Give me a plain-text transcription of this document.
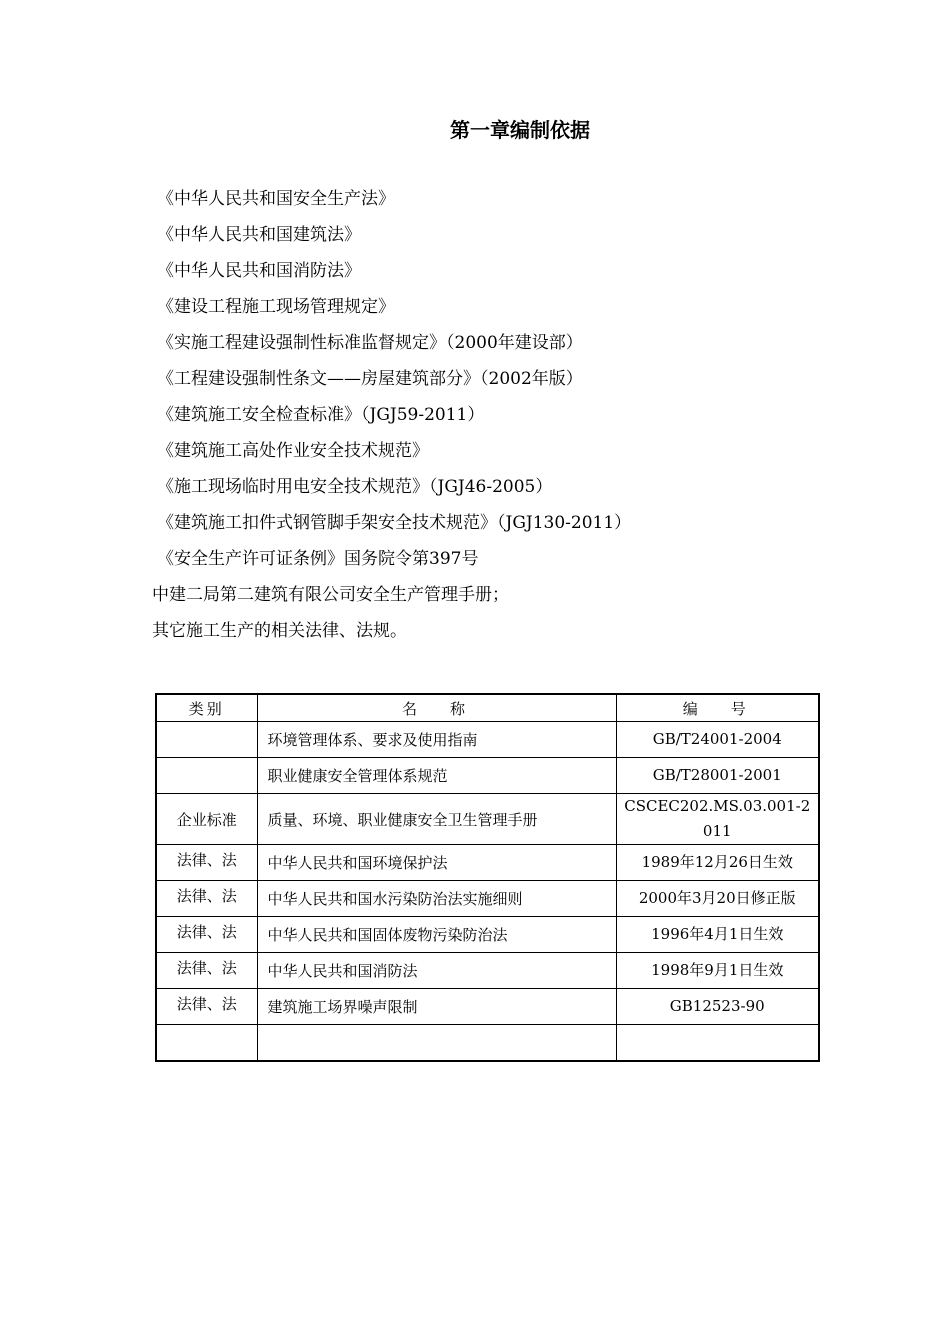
第一章编制依据
《中华人民共和国安全生产法》
《中华人民共和国建筑法》
《中华人民共和国消防法》
《建设工程施工现场管理规定》
《实施工程建设强制性标准监督规定》（2000年建设部）
《工程建设强制性条文——房屋建筑部分》（2002年版）
《建筑施工安全检查标准》（JGJ59-2011）
《建筑施工高处作业安全技术规范》
《施工现场临时用电安全技术规范》（JGJ46-2005）
《建筑施工扣件式钢管脚手架安全技术规范》（JGJ130-2011）
《安全生产许可证条例》国务院令第397号
中建二局第二建筑有限公司安全生产管理手册；
其它施工生产的相关法律、法规。
类别	名称	编号
	环境管理体系、要求及使用指南	GB/T24001-2004
	职业健康安全管理体系规范	GB/T28001-2001
企业标准	质量、环境、职业健康安全卫生管理手册	CSCEC202.MS.03.001-2011
法律、法	中华人民共和国环境保护法	1989年12月26日生效
法律、法	中华人民共和国水污染防治法实施细则	2000年3月20日修正版
法律、法	中华人民共和国固体废物污染防治法	1996年4月1日生效
法律、法	中华人民共和国消防法	1998年9月1日生效
法律、法	建筑施工场界噪声限制	GB12523-90
